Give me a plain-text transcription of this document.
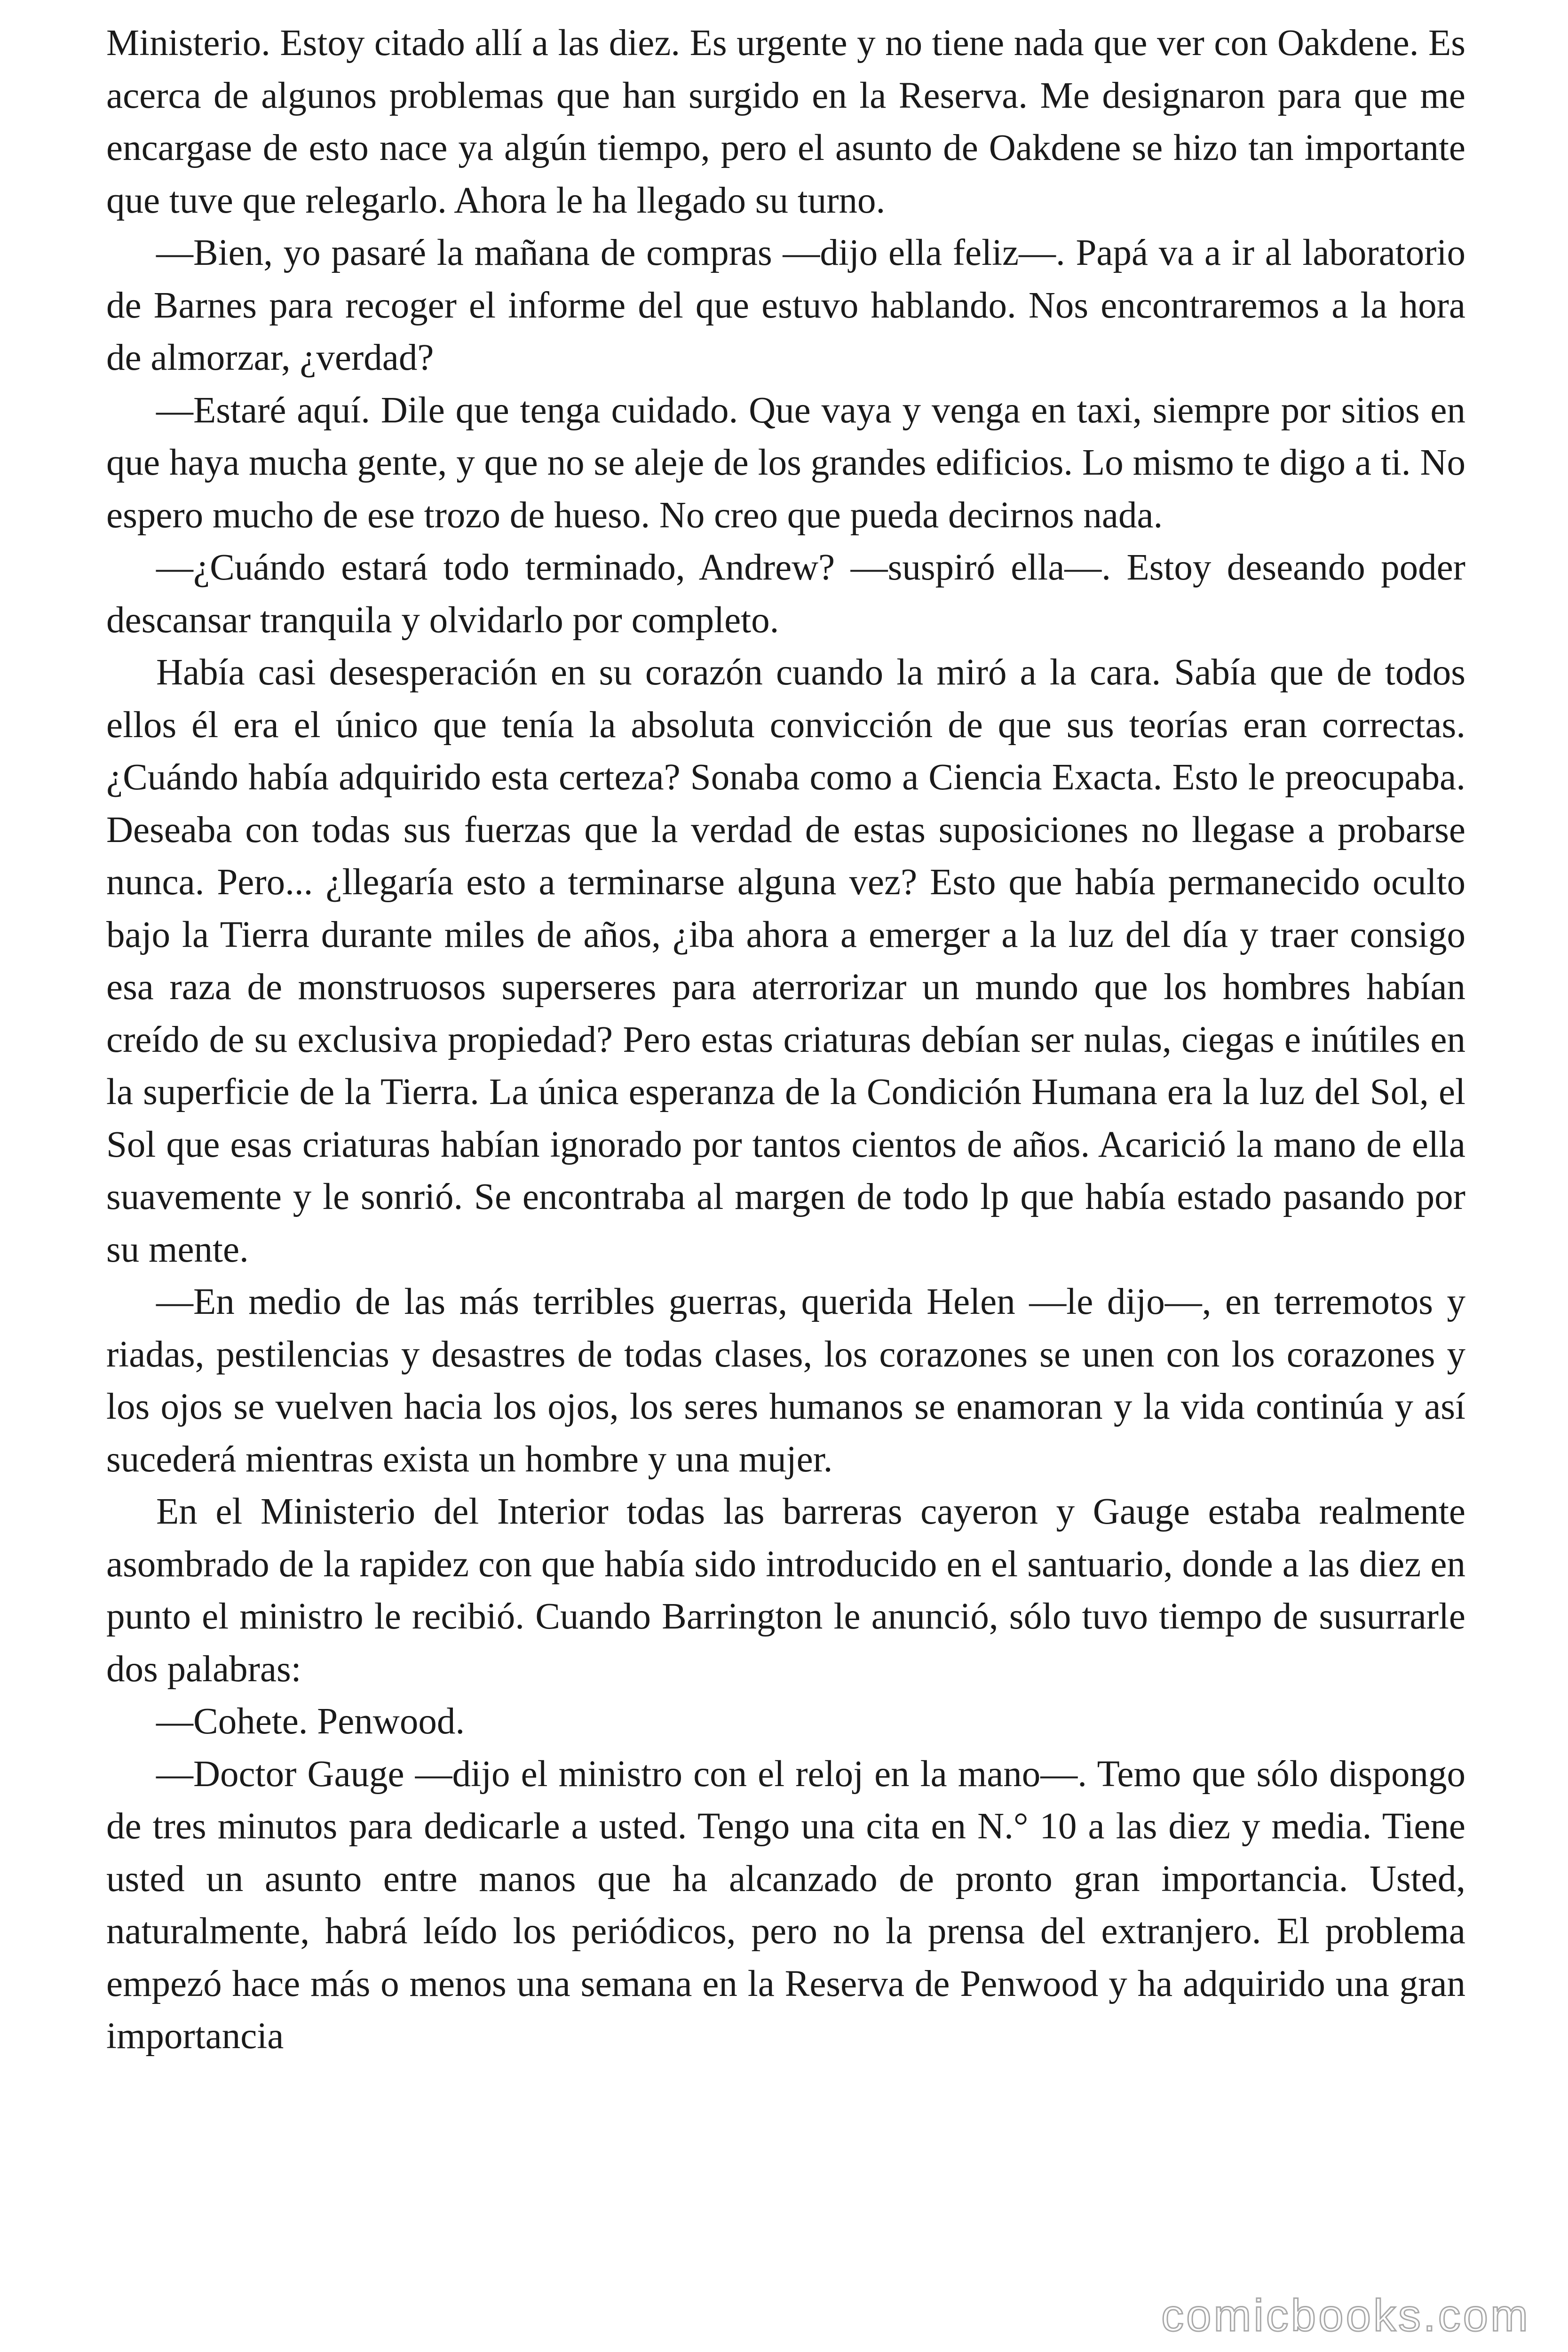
Ministerio. Estoy citado allí a las diez. Es urgente y no tiene nada que ver con Oakdene. Es acerca de algunos problemas que han surgido en la Reserva. Me designaron para que me encargase de esto nace ya algún tiempo, pero el asunto de Oakdene se hizo tan importante que tuve que relegarlo. Ahora le ha llegado su turno.

—Bien, yo pasaré la mañana de compras —dijo ella feliz—. Papá va a ir al laboratorio de Barnes para recoger el informe del que estuvo hablando. Nos encontraremos a la hora de almorzar, ¿verdad?

—Estaré aquí. Dile que tenga cuidado. Que vaya y venga en taxi, siempre por sitios en que haya mucha gente, y que no se aleje de los grandes edificios. Lo mismo te digo a ti. No espero mucho de ese trozo de hueso. No creo que pueda decirnos nada.

—¿Cuándo estará todo terminado, Andrew? —suspiró ella—. Estoy deseando poder descansar tranquila y olvidarlo por completo.

Había casi desesperación en su corazón cuando la miró a la cara. Sabía que de todos ellos él era el único que tenía la absoluta convicción de que sus teorías eran correctas. ¿Cuándo había adquirido esta certeza? Sonaba como a Ciencia Exacta. Esto le preocupaba. Deseaba con todas sus fuerzas que la verdad de estas suposiciones no llegase a probarse nunca. Pero... ¿llegaría esto a terminarse alguna vez? Esto que había permanecido oculto bajo la Tierra durante miles de años, ¿iba ahora a emerger a la luz del día y traer consigo esa raza de monstruosos superseres para aterrorizar un mundo que los hombres habían creído de su exclusiva propiedad? Pero estas criaturas debían ser nulas, ciegas e inútiles en la superficie de la Tierra. La única esperanza de la Condición Humana era la luz del Sol, el Sol que esas criaturas habían ignorado por tantos cientos de años. Acarició la mano de ella suavemente y le sonrió. Se encontraba al margen de todo lp que había estado pasando por su mente.

—En medio de las más terribles guerras, querida Helen —le dijo—, en terremotos y riadas, pestilencias y desastres de todas clases, los corazones se unen con los corazones y los ojos se vuelven hacia los ojos, los seres humanos se enamoran y la vida continúa y así sucederá mientras exista un hombre y una mujer.

En el Ministerio del Interior todas las barreras cayeron y Gauge estaba realmente asombrado de la rapidez con que había sido introducido en el santuario, donde a las diez en punto el ministro le recibió. Cuando Barrington le anunció, sólo tuvo tiempo de susurrarle dos palabras:

—Cohete. Penwood.

—Doctor Gauge —dijo el ministro con el reloj en la mano—. Temo que sólo dispongo de tres minutos para dedicarle a usted. Tengo una cita en N.° 10 a las diez y media. Tiene usted un asunto entre manos que ha alcanzado de pronto gran importancia. Usted, naturalmente, habrá leído los periódicos, pero no la prensa del extranjero. El problema empezó hace más o menos una semana en la Reserva de Penwood y ha adquirido una gran importancia

comicbooks.com
